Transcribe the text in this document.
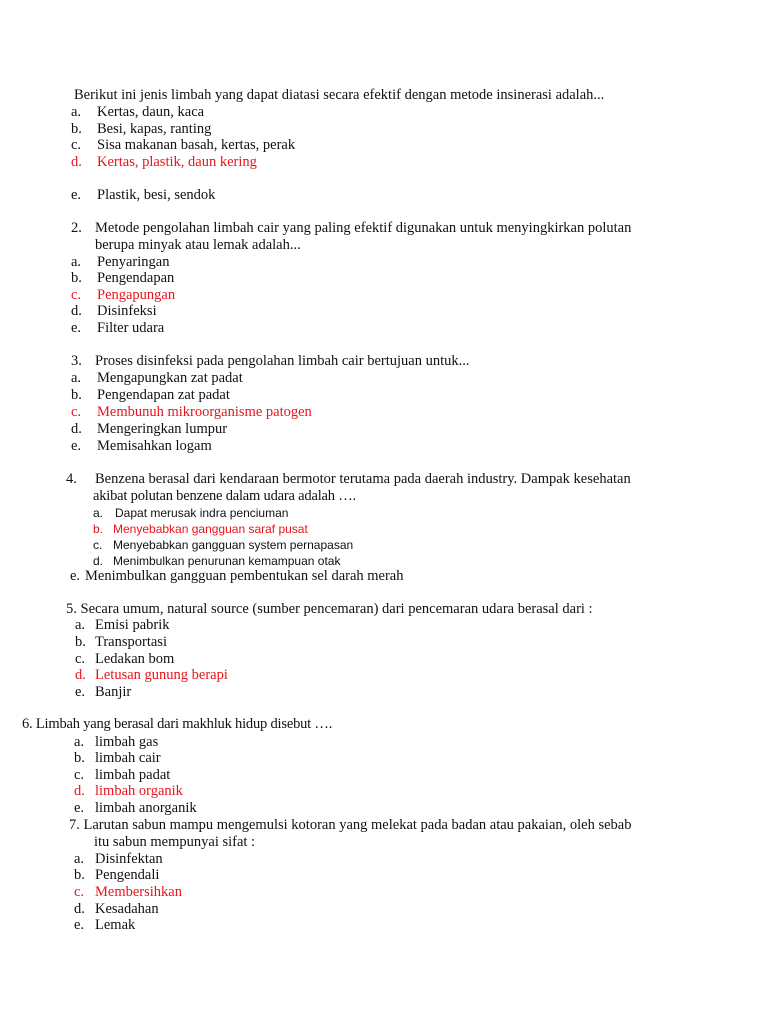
Berikut ini jenis limbah yang dapat diatasi secara efektif dengan metode insinerasi adalah...
a. Kertas, daun, kaca
b. Besi, kapas, ranting
c. Sisa makanan basah, kertas, perak
d. Kertas, plastik, daun kering
e. Plastik, besi, sendok
2. Metode pengolahan limbah cair yang paling efektif digunakan untuk menyingkirkan polutan
berupa minyak atau lemak adalah...
a. Penyaringan
b. Pengendapan
c. Pengapungan
d. Disinfeksi
e. Filter udara
3. Proses disinfeksi pada pengolahan limbah cair bertujuan untuk...
a. Mengapungkan zat padat
b. Pengendapan zat padat
c. Membunuh mikroorganisme patogen
d. Mengeringkan lumpur
e. Memisahkan logam
4. Benzena berasal dari kendaraan bermotor terutama pada daerah industry. Dampak kesehatan
akibat polutan benzene dalam udara adalah ….
a. Dapat merusak indra penciuman
b. Menyebabkan gangguan saraf pusat
c. Menyebabkan gangguan system pernapasan
d. Menimbulkan penurunan kemampuan otak
e. Menimbulkan gangguan pembentukan sel darah merah
5. Secara umum, natural source (sumber pencemaran) dari pencemaran udara berasal dari :
a. Emisi pabrik
b. Transportasi
c. Ledakan bom
d. Letusan gunung berapi
e. Banjir
6. Limbah yang berasal dari makhluk hidup disebut ….
a. limbah gas
b. limbah cair
c. limbah padat
d. limbah organik
e. limbah anorganik
7. Larutan sabun mampu mengemulsi kotoran yang melekat pada badan atau pakaian, oleh sebab
itu sabun mempunyai sifat :
a. Disinfektan
b. Pengendali
c. Membersihkan
d. Kesadahan
e. Lemak
